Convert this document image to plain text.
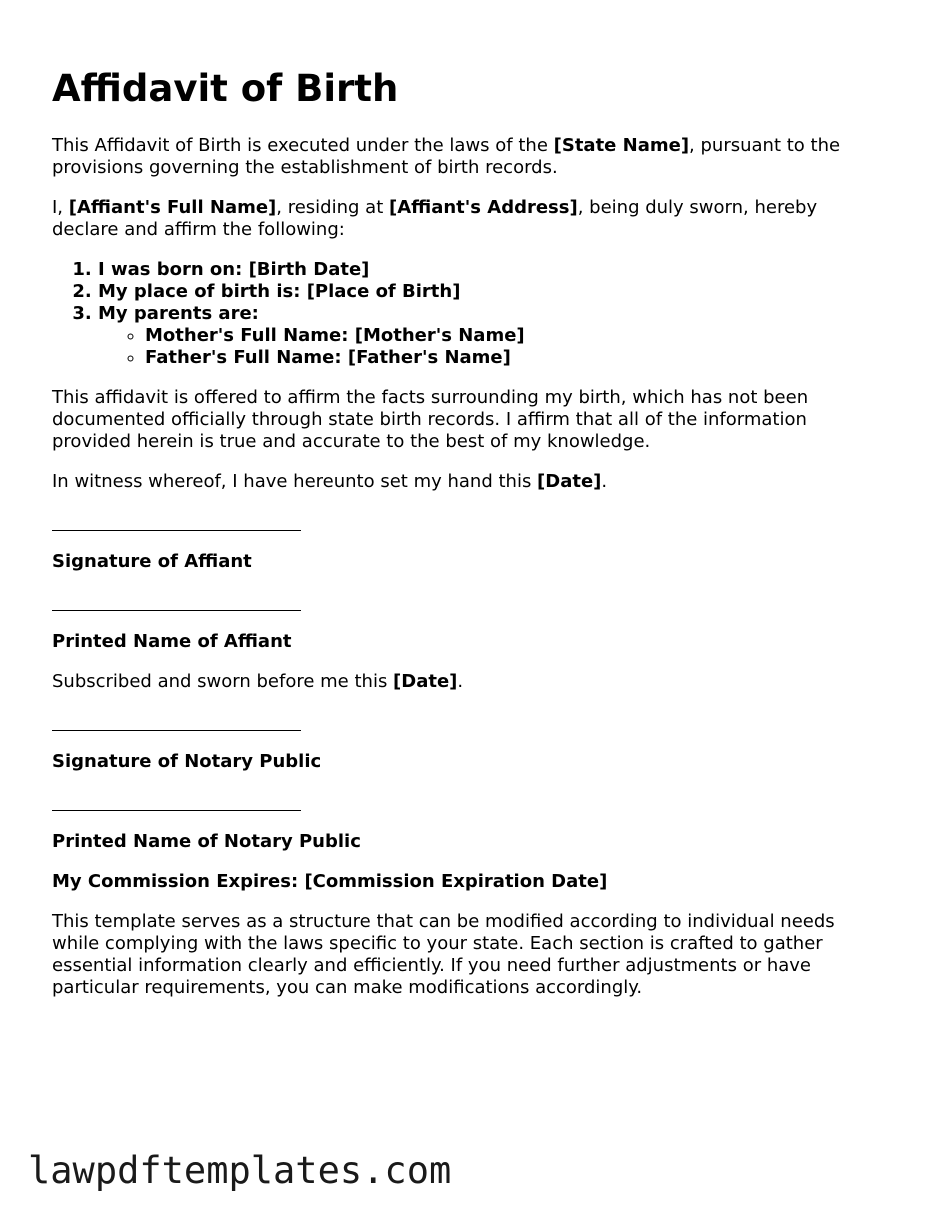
Affidavit of Birth

This Affidavit of Birth is executed under the laws of the [State Name], pursuant to the provisions governing the establishment of birth records.

I, [Affiant's Full Name], residing at [Affiant's Address], being duly sworn, hereby declare and affirm the following:

1. I was born on: [Birth Date]
2. My place of birth is: [Place of Birth]
3. My parents are:
◦ Mother's Full Name: [Mother's Name]
◦ Father's Full Name: [Father's Name]

This affidavit is offered to affirm the facts surrounding my birth, which has not been documented officially through state birth records. I affirm that all of the information provided herein is true and accurate to the best of my knowledge.

In witness whereof, I have hereunto set my hand this [Date].

Signature of Affiant

Printed Name of Affiant

Subscribed and sworn before me this [Date].

Signature of Notary Public

Printed Name of Notary Public

My Commission Expires: [Commission Expiration Date]

This template serves as a structure that can be modified according to individual needs while complying with the laws specific to your state. Each section is crafted to gather essential information clearly and efficiently. If you need further adjustments or have particular requirements, you can make modifications accordingly.

lawpdftemplates.com
